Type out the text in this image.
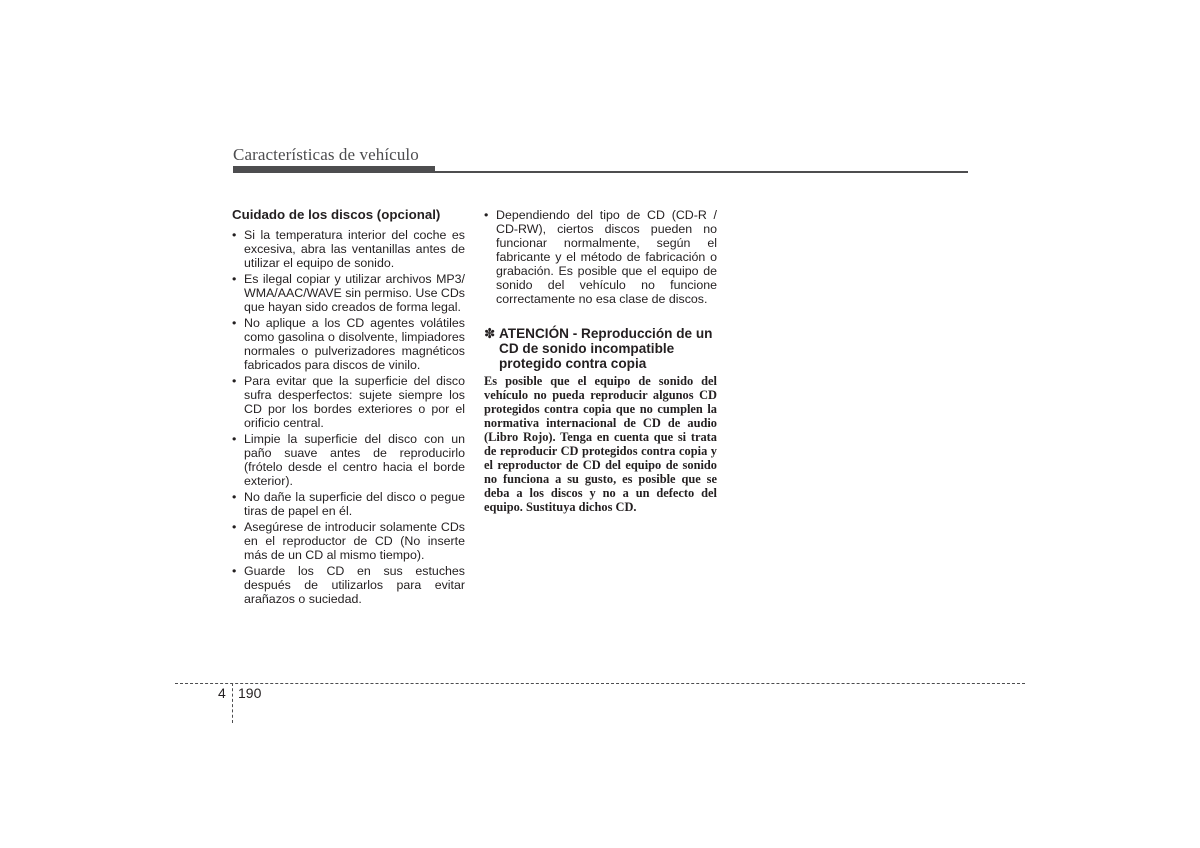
Características de vehículo
Cuidado de los discos (opcional)
• Si la temperatura interior del coche es excesiva, abra las ventanillas antes de utilizar el equipo de sonido.
• Es ilegal copiar y utilizar archivos MP3/ WMA/AAC/WAVE sin permiso. Use CDs que hayan sido creados de forma legal.
• No aplique a los CD agentes volátiles como gasolina o disolvente, limpiadores normales o pulverizadores magnéticos fabricados para discos de vinilo.
• Para evitar que la superficie del disco sufra desperfectos: sujete siempre los CD por los bordes exteriores o por el orificio central.
• Limpie la superficie del disco con un paño suave antes de reproducirlo (frótelo desde el centro hacia el borde exterior).
• No dañe la superficie del disco o pegue tiras de papel en él.
• Asegúrese de introducir solamente CDs en el reproductor de CD (No inserte más de un CD al mismo tiempo).
• Guarde los CD en sus estuches después de utilizarlos para evitar arañazos o suciedad.
• Dependiendo del tipo de CD (CD-R / CD-RW), ciertos discos pueden no funcionar normalmente, según el fabricante y el método de fabricación o grabación. Es posible que el equipo de sonido del vehículo no funcione correctamente no esa clase de discos.
✽ ATENCIÓN - Reproducción de un CD de sonido incompatible protegido contra copia
Es posible que el equipo de sonido del vehículo no pueda reproducir algunos CD protegidos contra copia que no cumplen la normativa internacional de CD de audio (Libro Rojo). Tenga en cuenta que si trata de reproducir CD protegidos contra copia y el reproductor de CD del equipo de sonido no funciona a su gusto, es posible que se deba a los discos y no a un defecto del equipo. Sustituya dichos CD.
4 190
